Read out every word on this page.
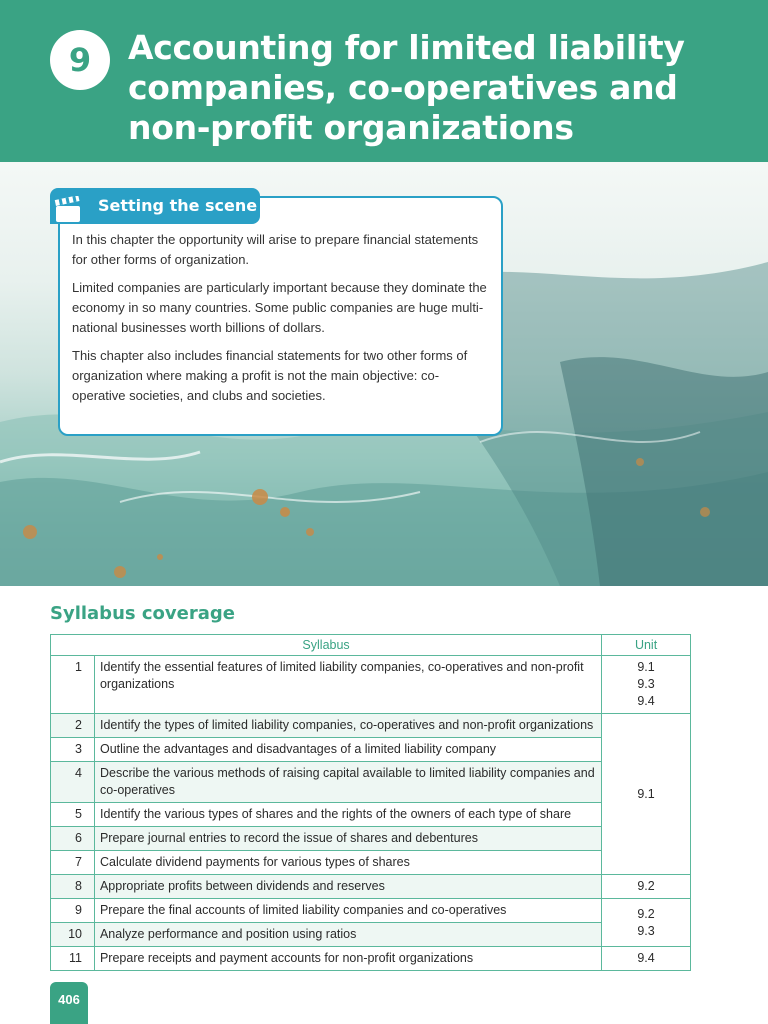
9 Accounting for limited liability
companies, co-operatives and
non-profit organizations
Setting the scene

In this chapter the opportunity will arise to prepare financial statements for other forms of organization.

Limited companies are particularly important because they dominate the economy in so many countries. Some public companies are huge multi-national businesses worth billions of dollars.

This chapter also includes financial statements for two other forms of organization where making a profit is not the main objective: co-operative societies, and clubs and societies.

Syllabus coverage
Syllabus		Unit
1	Identify the essential features of limited liability companies, co-operatives and non-profit organizations	9.1
9.3
9.4

2	Identify the types of limited liability companies, co-operatives and non-profit organizations	9.1

3	Outline the advantages and disadvantages of a limited liability company	
4	Describe the various methods of raising capital available to limited liability companies and co-operatives	
5	Identify the various types of shares and the rights of the owners of each type of share	
6	Prepare journal entries to record the issue of shares and debentures	
7	Calculate dividend payments for various types of shares	
8	Appropriate profits between dividends and reserves	9.2

9	Prepare the final accounts of limited liability companies and co-operatives	9.2
9.3

10	Analyze performance and position using ratios	
11	Prepare receipts and payment accounts for non-profit organizations	9.4
406
